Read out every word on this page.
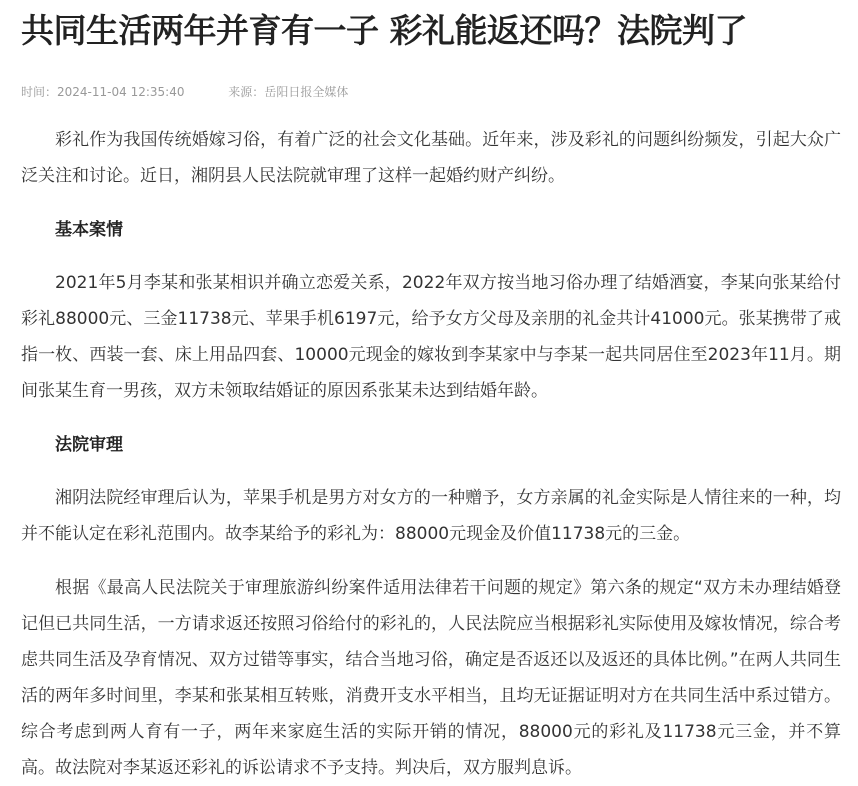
共同生活两年并育有一子 彩礼能返还吗？法院判了
时间：2024-11-04 12:35:40	来源：岳阳日报全媒体

彩礼作为我国传统婚嫁习俗，有着广泛的社会文化基础。近年来，涉及彩礼的问题纠纷频发，引起大众广泛关注和讨论。近日，湘阴县人民法院就审理了这样一起婚约财产纠纷。

基本案情

2021年5月李某和张某相识并确立恋爱关系，2022年双方按当地习俗办理了结婚酒宴，李某向张某给付彩礼88000元、三金11738元、苹果手机6197元，给予女方父母及亲朋的礼金共计41000元。张某携带了戒指一枚、西装一套、床上用品四套、10000元现金的嫁妆到李某家中与李某一起共同居住至2023年11月。期间张某生育一男孩，双方未领取结婚证的原因系张某未达到结婚年龄。

法院审理

湘阴法院经审理后认为，苹果手机是男方对女方的一种赠予，女方亲属的礼金实际是人情往来的一种，均并不能认定在彩礼范围内。故李某给予的彩礼为：88000元现金及价值11738元的三金。

根据《最高人民法院关于审理旅游纠纷案件适用法律若干问题的规定》第六条的规定“双方未办理结婚登记但已共同生活，一方请求返还按照习俗给付的彩礼的，人民法院应当根据彩礼实际使用及嫁妆情况，综合考虑共同生活及孕育情况、双方过错等事实，结合当地习俗，确定是否返还以及返还的具体比例。”在两人共同生活的两年多时间里，李某和张某相互转账，消费开支水平相当，且均无证据证明对方在共同生活中系过错方。综合考虑到两人育有一子，两年来家庭生活的实际开销的情况，88000元的彩礼及11738元三金，并不算高。故法院对李某返还彩礼的诉讼请求不予支持。判决后，双方服判息诉。
